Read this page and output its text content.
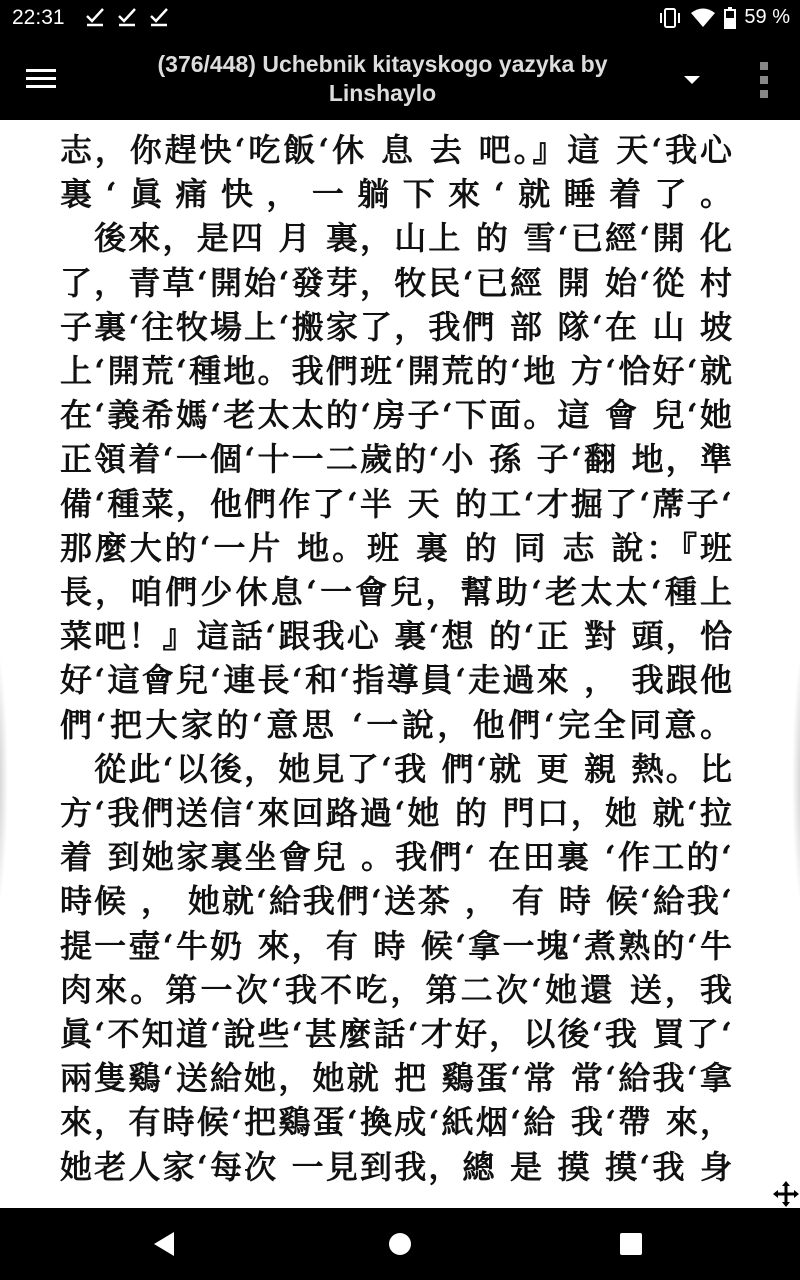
22:31	59 %
(376/448) Uchebnik kitayskogo yazyka by Linshaylo
志，你趕快‘吃飯‘休 息 去 吧。』這 天‘我心
裏‘眞痛快，一躺下來‘就睡着了。
　後來，是四 月 裏，山上 的 雪‘已經‘開 化
了，青草‘開始‘發芽，牧民‘已經 開 始‘從 村
子裏‘往牧場上‘搬家了，我們 部 隊‘在 山 坡
上‘開荒‘種地。我們班‘開荒的‘地 方‘恰好‘就
在‘義希媽‘老太太的‘房子‘下面。這 會 兒‘她
正領着‘一個‘十一二歲的‘小 孫 子‘翻 地，準
備‘種菜，他們作了‘半 天 的工‘才掘了‘蓆子‘
那麼大的‘一片 地。班 裏 的 同 志 說：『班
長，咱們少休息‘一會兒，幫助‘老太太‘種上
菜吧！』這話‘跟我心 裏‘想 的‘正 對 頭，恰
好‘這會兒‘連長‘和‘指導員‘走過來 ， 我跟他
們‘把大家的‘意思 ‘一說，他們‘完全同意。
　從此‘以後，她見了‘我 們‘就 更 親 熱。比
方‘我們送信‘來回路過‘她 的 門口，她 就‘拉
着 到她家裏坐會兒 。我們‘ 在田裏 ‘作工的‘
時候 ， 她就‘給我們‘送茶 ， 有 時 候‘給我‘
提一壺‘牛奶 來，有 時 候‘拿一塊‘煮熟的‘牛
肉來。第一次‘我不吃，第二次‘她還 送，我
眞‘不知道‘說些‘甚麼話‘才好，以後‘我 買了‘
兩隻鷄‘送給她，她就 把 鷄蛋‘常 常‘給我‘拿
來，有時候‘把鷄蛋‘換成‘紙烟‘給 我‘帶 來，
她老人家‘每次 一見到我，總 是 摸 摸‘我 身
